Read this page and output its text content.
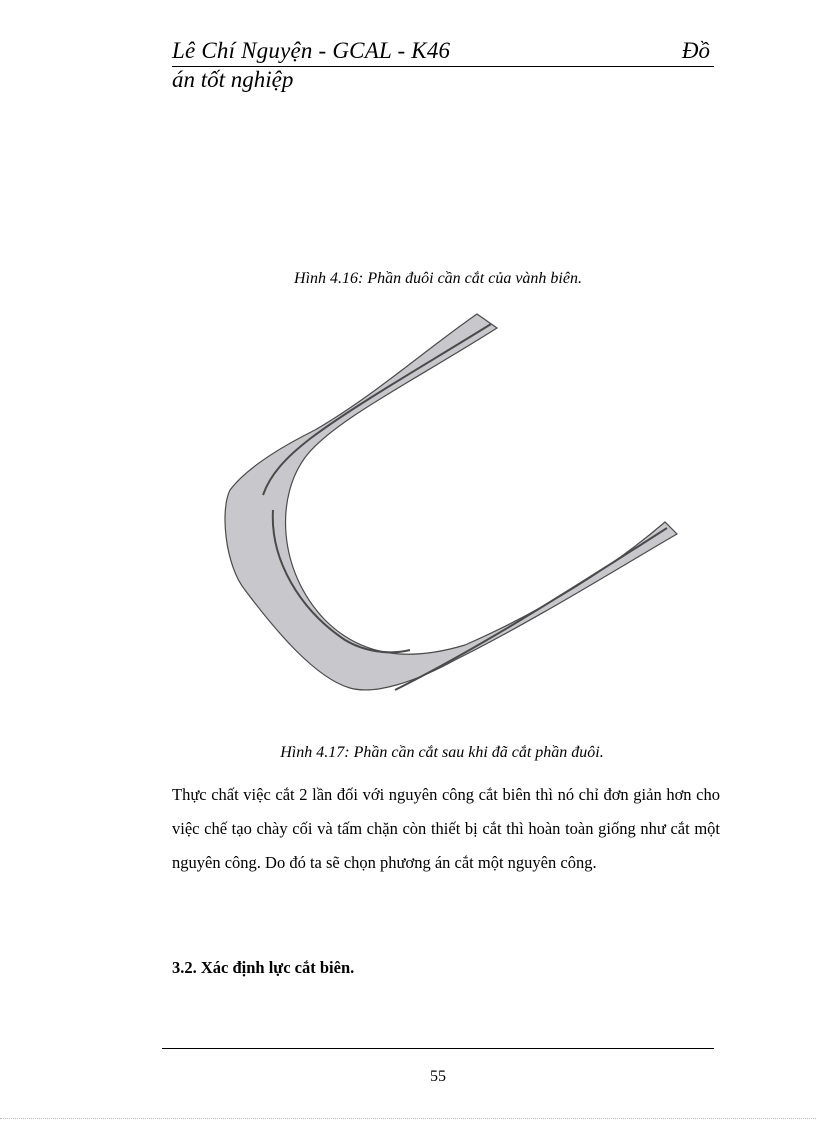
Lê Chí Nguyện - GCAL - K46	Đồ
án tốt nghiệp
Hình 4.16: Phần đuôi cần cắt của vành biên.
Hình 4.17: Phần cần cắt sau khi đã cắt phần đuôi.
Thực chất việc cắt 2 lần đối với nguyên công cắt biên thì nó chỉ đơn giản hơn cho việc chế tạo chày cối và tấm chặn còn thiết bị cắt thì hoàn toàn giống như cắt một nguyên công. Do đó ta sẽ chọn phương án cắt một nguyên công.
3.2. Xác định lực cắt biên.
55
